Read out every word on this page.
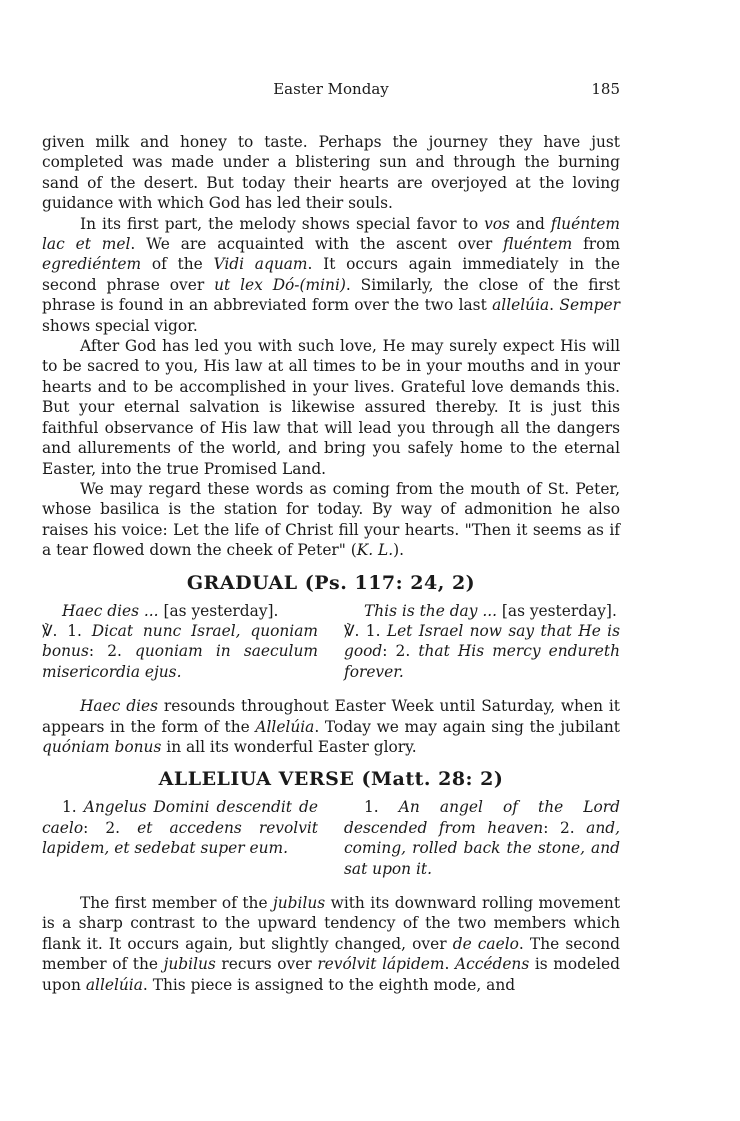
Easter Monday	185

given milk and honey to taste. Perhaps the journey they have just completed was made under a blistering sun and through the burning sand of the desert. But today their hearts are overjoyed at the loving guidance with which God has led their souls.

In its first part, the melody shows special favor to vos and fluéntem lac et mel. We are acquainted with the ascent over fluéntem from egrediéntem of the Vidi aquam. It occurs again immediately in the second phrase over ut lex Dó-(mini). Similarly, the close of the first phrase is found in an abbreviated form over the two last allelúia. Semper shows special vigor.

After God has led you with such love, He may surely expect His will to be sacred to you, His law at all times to be in your mouths and in your hearts and to be accomplished in your lives. Grateful love demands this. But your eternal salvation is likewise assured thereby. It is just this faithful observance of His law that will lead you through all the dangers and allurements of the world, and bring you safely home to the eternal Easter, into the true Promised Land.

We may regard these words as coming from the mouth of St. Peter, whose basilica is the station for today. By way of admonition he also raises his voice: Let the life of Christ fill your hearts. "Then it seems as if a tear flowed down the cheek of Peter" (K. L.).

GRADUAL (Ps. 117: 24, 2)
Haec dies ... [as yesterday].
℣. 1. Dicat nunc Israel, quoniam bonus: 2. quoniam in saeculum misericordia ejus.
This is the day ... [as yesterday].
℣. 1. Let Israel now say that He is good: 2. that His mercy endureth forever.

Haec dies resounds throughout Easter Week until Saturday, when it appears in the form of the Allelúia. Today we may again sing the jubilant quóniam bonus in all its wonderful Easter glory.

ALLELIUA VERSE (Matt. 28: 2)
1. Angelus Domini descendit de caelo: 2. et accedens revolvit lapidem, et sedebat super eum.
1. An angel of the Lord descended from heaven: 2. and, coming, rolled back the stone, and sat upon it.

The first member of the jubilus with its downward rolling movement is a sharp contrast to the upward tendency of the two members which flank it. It occurs again, but slightly changed, over de caelo. The second member of the jubilus recurs over revólvit lápidem. Accédens is modeled upon allelúia. This piece is assigned to the eighth mode, and
